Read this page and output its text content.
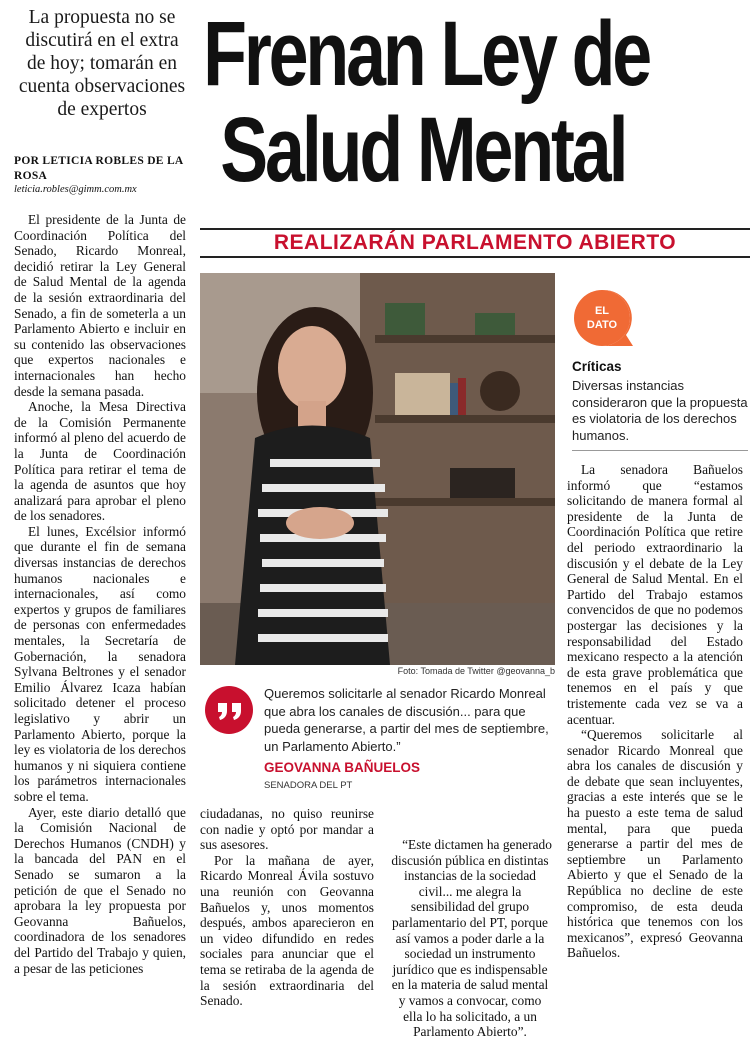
La propuesta no se discutirá en el extra de hoy; tomarán en cuenta observaciones de expertos
POR LETICIA ROBLES DE LA ROSA
leticia.robles@gimm.com.mx
Frenan Ley de
Salud Mental
REALIZARÁN PARLAMENTO ABIERTO

El presidente de la Junta de Coordinación Política del Senado, Ricardo Monreal, decidió retirar la Ley General de Salud Mental de la agenda de la sesión extraordinaria del Senado, a fin de someterla a un Parlamento Abierto e incluir en su contenido las observaciones que expertos nacionales e internacionales han hecho desde la semana pasada.

Anoche, la Mesa Directiva de la Comisión Permanente informó al pleno del acuerdo de la Junta de Coordinación Política para retirar el tema de la agenda de asuntos que hoy analizará para aprobar el pleno de los senadores.

El lunes, Excélsior informó que durante el fin de semana diversas instancias de derechos humanos nacionales e internacionales, así como expertos y grupos de familiares de personas con enfermedades mentales, la Secretaría de Gobernación, la senadora Sylvana Beltrones y el senador Emilio Álvarez Icaza habían solicitado detener el proceso legislativo y abrir un Parlamento Abierto, porque la ley es violatoria de los derechos humanos y ni siquiera contiene los parámetros internacionales sobre el tema.

Ayer, este diario detalló que la Comisión Nacional de Derechos Humanos (CNDH) y la bancada del PAN en el Senado se sumaron a la petición de que el Senado no aprobara la ley propuesta por Geovanna Bañuelos, coordinadora de los senadores del Partido del Trabajo y quien, a pesar de las peticiones

Foto: Tomada de Twitter @geovanna_b
Queremos solicitarle al senador Ricardo Monreal que abra los canales de discusión... para que pueda generarse, a partir del mes de septiembre, un Parlamento Abierto.”
GEOVANNA BAÑUELOS
SENADORA DEL PT

ciudadanas, no quiso reunirse con nadie y optó por mandar a sus asesores.

Por la mañana de ayer, Ricardo Monreal Ávila sostuvo una reunión con Geovanna Bañuelos y, unos momentos después, ambos aparecieron en un video difundido en redes sociales para anunciar que el tema se retiraba de la agenda de la sesión extraordinaria del Senado.

“Este dictamen ha generado discusión pública en distintas instancias de la sociedad civil... me alegra la sensibilidad del grupo parlamentario del PT, porque así vamos a poder darle a la sociedad un instrumento jurídico que es indispensable en la materia de salud mental y vamos a convocar, como ella lo ha solicitado, a un Parlamento Abierto”.

EL
DATO
Críticas
Diversas instancias consideraron que la propuesta es violatoria de los derechos humanos.

La senadora Bañuelos informó que “estamos solicitando de manera formal al presidente de la Junta de Coordinación Política que retire del periodo extraordinario la discusión y el debate de la Ley General de Salud Mental. En el Partido del Trabajo estamos convencidos de que no podemos postergar las decisiones y la responsabilidad del Estado mexicano respecto a la atención de esta grave problemática que tenemos en el país y que tristemente cada vez se va a acentuar.

“Queremos solicitarle al senador Ricardo Monreal que abra los canales de discusión y de debate que sean incluyentes, gracias a este interés que se le ha puesto a este tema de salud mental, para que pueda generarse a partir del mes de septiembre un Parlamento Abierto y que el Senado de la República no decline de este compromiso, de esta deuda histórica que tenemos con los mexicanos”, expresó Geovanna Bañuelos.
